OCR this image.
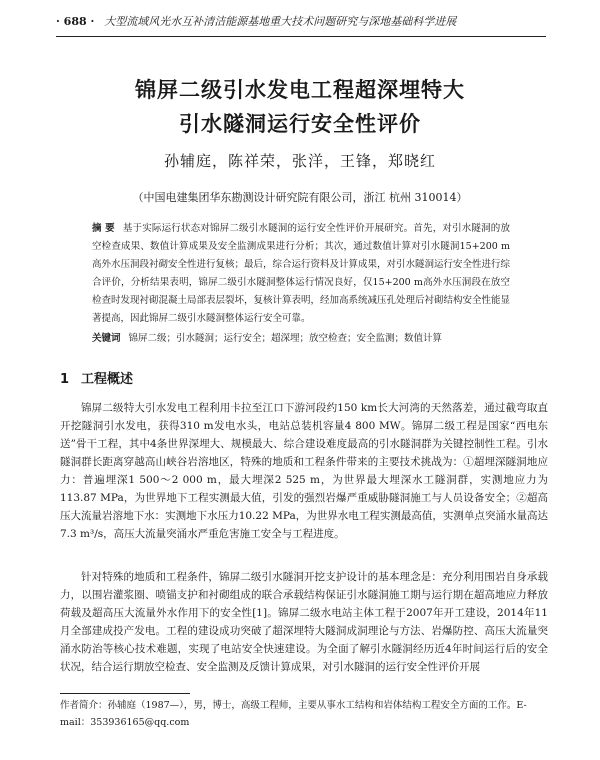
· 688 · 大型流域风光水互补清洁能源基地重大技术问题研究与深地基础科学进展
锦屏二级引水发电工程超深埋特大
引水隧洞运行安全性评价
孙辅庭，陈祥荣，张洋，王锋，郑晓红
（中国电建集团华东勘测设计研究院有限公司，浙江 杭州 310014）
摘 要 基于实际运行状态对锦屏二级引水隧洞的运行安全性评价开展研究。首先，对引水隧洞的放空检查成果、数值计算成果及安全监测成果进行分析；其次，通过数值计算对引水隧洞15+200 m高外水压洞段衬砌安全性进行复核；最后，综合运行资料及计算成果，对引水隧洞运行安全性进行综合评价，分析结果表明，锦屏二级引水隧洞整体运行情况良好，仅15+200 m高外水压洞段在放空检查时发现衬砌混凝土局部表层裂坏，复核计算表明，经加高系统减压孔处理后衬砌结构安全性能显著提高，因此锦屏二级引水隧洞整体运行安全可靠。
关键词 锦屏二级；引水隧洞；运行安全；超深埋；放空检查；安全监测；数值计算
1 工程概述

锦屏二级特大引水发电工程利用卡拉至江口下游河段约150 km长大河湾的天然落差，通过截弯取直开挖隧洞引水发电，获得310 m发电水头，电站总装机容量4 800 MW。锦屏二级工程是国家“西电东送”骨干工程，其中4条世界深埋大、规模最大、综合建设难度最高的引水隧洞群为关键控制性工程。引水隧洞群长距离穿越高山峡谷岩溶地区，特殊的地质和工程条件带来的主要技术挑战为：①超埋深隧洞地应力：普遍埋深1 500～2 000 m，最大埋深2 525 m，为世界最大埋深水工隧洞群，实测地应力为113.87 MPa，为世界地下工程实测最大值，引发的强烈岩爆严重威胁隧洞施工与人员设备安全；②超高压大流量岩溶地下水：实测地下水压力10.22 MPa，为世界水电工程实测最高值，实测单点突涌水量高达7.3 m³/s，高压大流量突涌水严重危害施工安全与工程进度。

针对特殊的地质和工程条件，锦屏二级引水隧洞开挖支护设计的基本理念是：充分利用围岩自身承载力，以围岩灌浆圈、喷锚支护和衬砌组成的联合承载结构保证引水隧洞施工期与运行期在超高地应力释放荷载及超高压大流量外水作用下的安全性[1]。锦屏二级水电站主体工程于2007年开工建设，2014年11月全部建成投产发电。工程的建设成功突破了超深埋特大隧洞成洞理论与方法、岩爆防控、高压大流量突涌水防治等核心技术难题，实现了电站安全快速建设。为全面了解引水隧洞经历近4年时间运行后的安全状况，结合运行期放空检查、安全监测及反馈计算成果，对引水隧洞的运行安全性评价开展

作者简介：孙辅庭（1987—），男，博士，高级工程师，主要从事水工结构和岩体结构工程安全方面的工作。E-mail：353936165@qq.com
